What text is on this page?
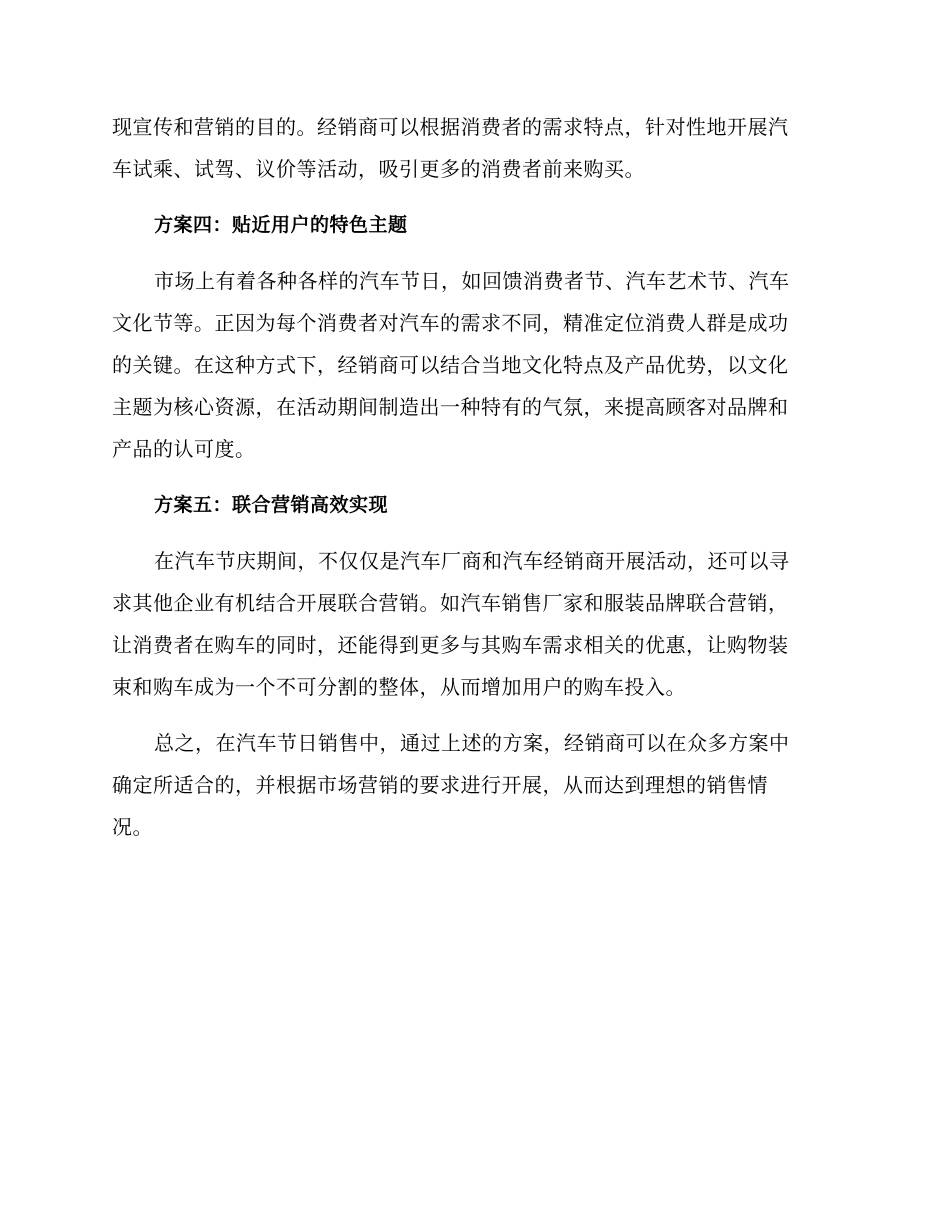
现宣传和营销的目的。经销商可以根据消费者的需求特点，针对性地开展汽
车试乘、试驾、议价等活动，吸引更多的消费者前来购买。
方案四：贴近用户的特色主题
市场上有着各种各样的汽车节日，如回馈消费者节、汽车艺术节、汽车
文化节等。正因为每个消费者对汽车的需求不同，精准定位消费人群是成功
的关键。在这种方式下，经销商可以结合当地文化特点及产品优势，以文化
主题为核心资源，在活动期间制造出一种特有的气氛，来提高顾客对品牌和
产品的认可度。
方案五：联合营销高效实现
在汽车节庆期间，不仅仅是汽车厂商和汽车经销商开展活动，还可以寻
求其他企业有机结合开展联合营销。如汽车销售厂家和服装品牌联合营销，
让消费者在购车的同时，还能得到更多与其购车需求相关的优惠，让购物装
束和购车成为一个不可分割的整体，从而增加用户的购车投入。
总之，在汽车节日销售中，通过上述的方案，经销商可以在众多方案中
确定所适合的，并根据市场营销的要求进行开展，从而达到理想的销售情
况。
